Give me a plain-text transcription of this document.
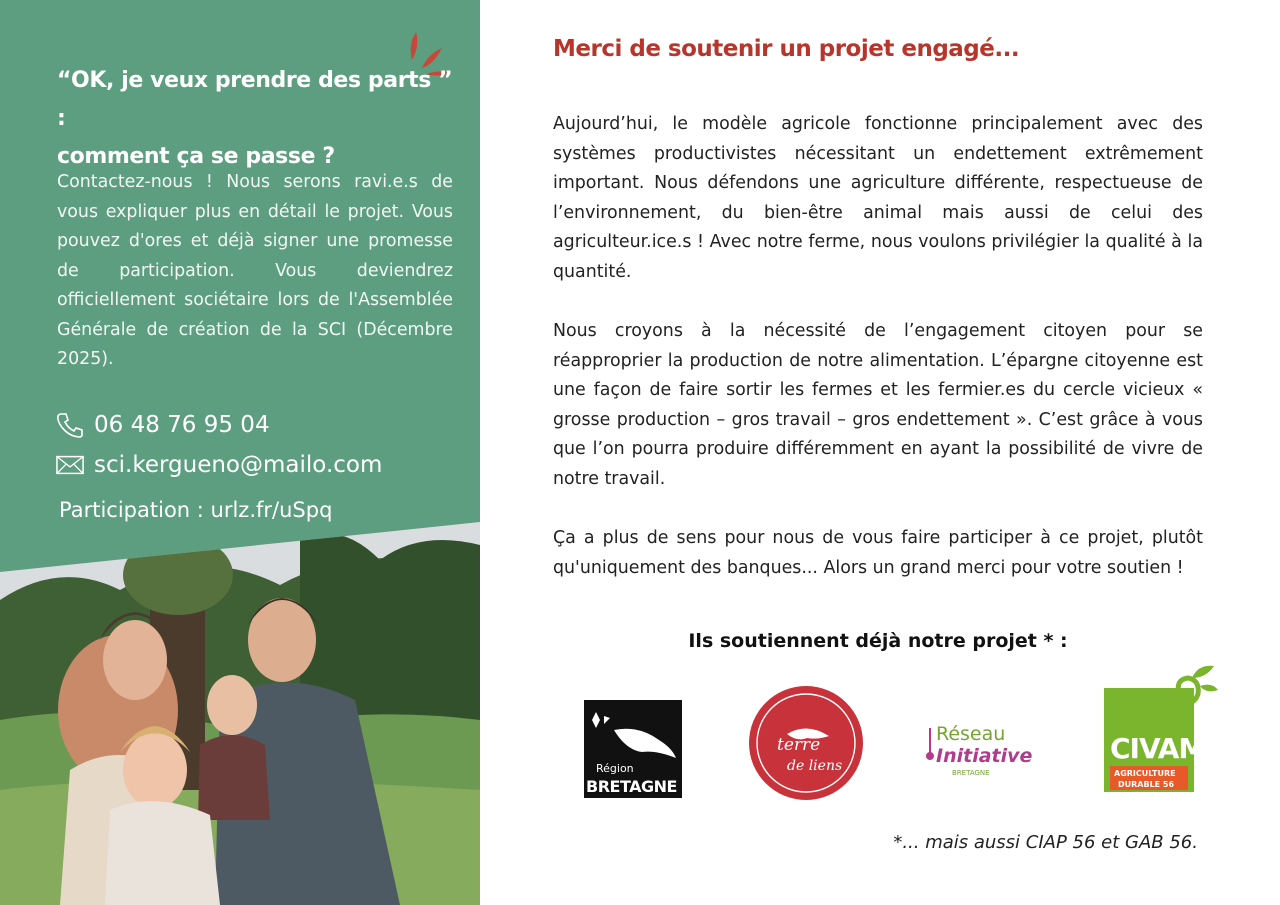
“OK, je veux prendre des parts ” :
comment ça se passe ?
Contactez-nous ! Nous serons ravi.e.s de vous expliquer plus en détail le projet. Vous pouvez d'ores et déjà signer une promesse de participation. Vous deviendrez officiellement sociétaire lors de l'Assemblée Générale de création de la SCI (Décembre 2025).
06 48 76 95 04
sci.kergueno@mailo.com
Participation : urlz.fr/uSpq
Merci de soutenir un projet engagé...
Aujourd’hui, le modèle agricole fonctionne principalement avec des systèmes productivistes nécessitant un endettement extrêmement important. Nous défendons une agriculture différente, respectueuse de l’environnement, du bien-être animal mais aussi de celui des agriculteur.ice.s ! Avec notre ferme, nous voulons privilégier la qualité à la quantité.
Nous croyons à la nécessité de l’engagement citoyen pour se réapproprier la production de notre alimentation. L’épargne citoyenne est une façon de faire sortir les fermes et les fermier.es du cercle vicieux « grosse production – gros travail – gros endettement ». C’est grâce à vous que l’on pourra produire différemment en ayant la possibilité de vivre de notre travail.
Ça a plus de sens pour nous de vous faire participer à ce projet, plutôt qu'uniquement des banques... Alors un grand merci pour votre soutien !
Ils soutiennent déjà notre projet * :
Région
BRETAGNE
terre
de liens
Réseau
Initiative
BRETAGNE
CIVAM
AGRICULTURE
DURABLE 56
*... mais aussi CIAP 56 et GAB 56.
